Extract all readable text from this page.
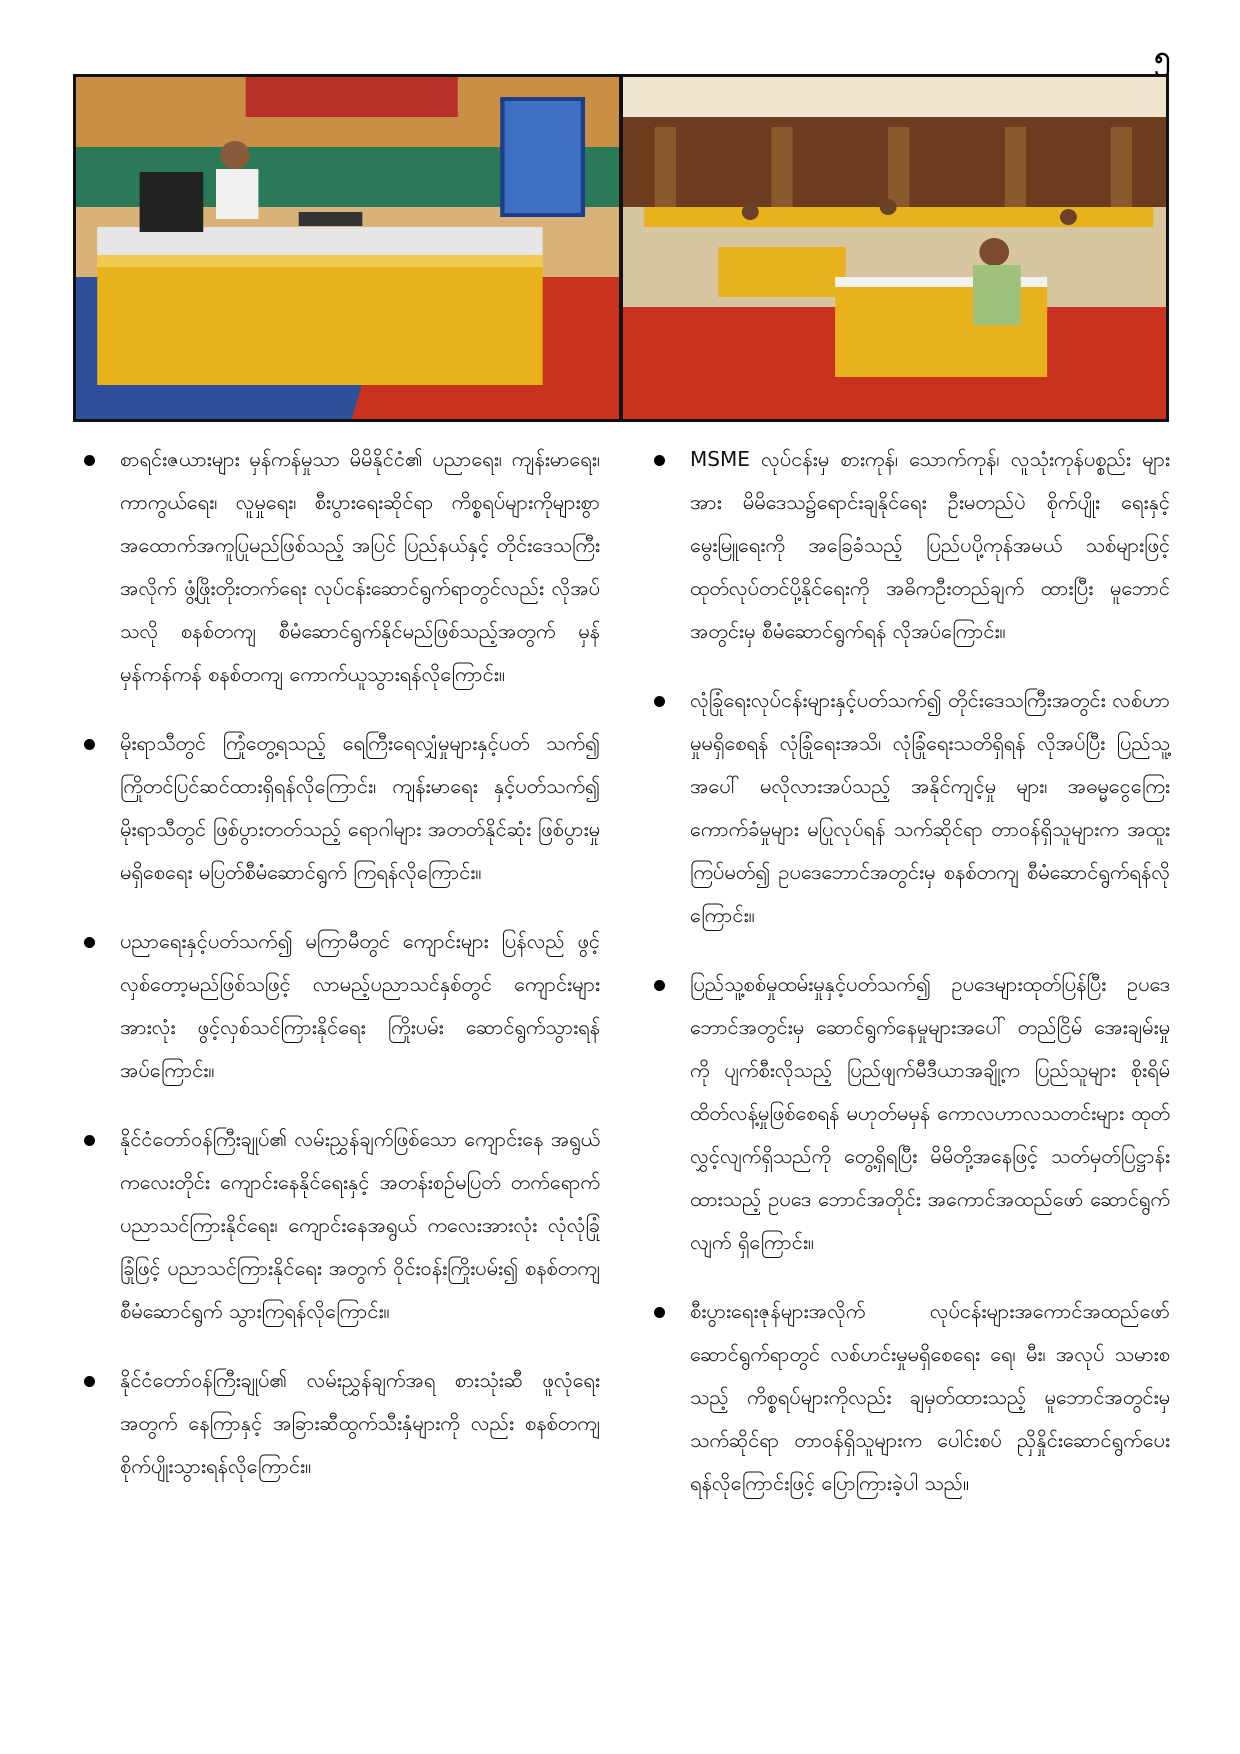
၅
စာရင်းဇယားများ မှန်ကန်မှုသာ မိမိနိုင်ငံ၏ ပညာရေး၊ ကျန်းမာရေး၊ ကာကွယ်ရေး၊ လူမှုရေး၊ စီးပွားရေးဆိုင်ရာ ကိစ္စရပ်များကိုများစွာ အထောက်အကူပြုမည်ဖြစ်သည့် အပြင် ပြည်နယ်နှင့် တိုင်းဒေသကြီးအလိုက် ဖွံ့ဖြိုးတိုးတက်ရေး လုပ်ငန်းဆောင်ရွက်ရာတွင်လည်း လိုအပ်သလို စနစ်တကျ စီမံဆောင်ရွက်နိုင်မည်ဖြစ်သည့်အတွက် မှန်မှန်ကန်ကန် စနစ်တကျ ကောက်ယူသွားရန်လိုကြောင်း။
မိုးရာသီတွင် ကြုံတွေ့ရသည့် ရေကြီးရေလျှံမှုများနှင့်ပတ် သက်၍ ကြိုတင်ပြင်ဆင်ထားရှိရန်လိုကြောင်း၊ ကျန်းမာရေး နှင့်ပတ်သက်၍ မိုးရာသီတွင် ဖြစ်ပွားတတ်သည့် ရောဂါများ အတတ်နိုင်ဆုံး ဖြစ်ပွားမှုမရှိစေရေး မပြတ်စီမံဆောင်ရွက် ကြရန်လိုကြောင်း။
ပညာရေးနှင့်ပတ်သက်၍ မကြာမီတွင် ကျောင်းများ ပြန်လည် ဖွင့်လှစ်တော့မည်ဖြစ်သဖြင့် လာမည့်ပညာသင်နှစ်တွင် ကျောင်းများအားလုံး ဖွင့်လှစ်သင်ကြားနိုင်ရေး ကြိုးပမ်း ဆောင်ရွက်သွားရန်အပ်ကြောင်း။
နိုင်ငံတော်ဝန်ကြီးချုပ်၏ လမ်းညွှန်ချက်ဖြစ်သော ကျောင်းနေ အရွယ်ကလေးတိုင်း ကျောင်းနေနိုင်ရေးနှင့် အတန်းစဉ်မပြတ် တက်ရောက်ပညာသင်ကြားနိုင်ရေး၊ ကျောင်းနေအရွယ် ကလေးအားလုံး လုံလုံခြုံခြုံဖြင့် ပညာသင်ကြားနိုင်ရေး အတွက် ဝိုင်းဝန်းကြိုးပမ်း၍ စနစ်တကျ စီမံဆောင်ရွက် သွားကြရန်လိုကြောင်း။
နိုင်ငံတော်ဝန်ကြီးချုပ်၏ လမ်းညွှန်ချက်အရ စားသုံးဆီ ဖူလုံရေးအတွက် နေကြာနှင့် အခြားဆီထွက်သီးနှံများကို လည်း စနစ်တကျ စိုက်ပျိုးသွားရန်လိုကြောင်း။
MSME လုပ်ငန်းမှ စားကုန်၊ သောက်ကုန်၊ လူသုံးကုန်ပစ္စည်း များအား မိမိဒေသ၌ရောင်းချနိုင်ရေး ဦးမတည်ပဲ စိုက်ပျိုး ရေးနှင့် မွေးမြူရေးကို အခြေခံသည့် ပြည်ပပို့ကုန်အမယ် သစ်များဖြင့် ထုတ်လုပ်တင်ပို့နိုင်ရေးကို အဓိကဦးတည်ချက် ထားပြီး မူဘောင်အတွင်းမှ စီမံဆောင်ရွက်ရန် လိုအပ်ကြောင်း။
လုံခြုံရေးလုပ်ငန်းများနှင့်ပတ်သက်၍ တိုင်းဒေသကြီးအတွင်း လစ်ဟာမှုမရှိစေရန် လုံခြုံရေးအသိ၊ လုံခြုံရေးသတိရှိရန် လိုအပ်ပြီး ပြည်သူ့အပေါ် မလိုလားအပ်သည့် အနိုင်ကျင့်မှု များ၊ အဓမ္မငွေကြေးကောက်ခံမှုများ မပြုလုပ်ရန် သက်ဆိုင်ရာ တာဝန်ရှိသူများက အထူးကြပ်မတ်၍ ဥပဒေဘောင်အတွင်းမှ စနစ်တကျ စီမံဆောင်ရွက်ရန်လိုကြောင်း။
ပြည်သူ့စစ်မှုထမ်းမှုနှင့်ပတ်သက်၍ ဥပဒေများထုတ်ပြန်ပြီး ဥပဒေဘောင်အတွင်းမှ ဆောင်ရွက်နေမှုများအပေါ် တည်ငြိမ် အေးချမ်းမှုကို ပျက်စီးလိုသည့် ပြည်ဖျက်မီဒီယာအချို့က ပြည်သူများ စိုးရိမ်ထိတ်လန့်မှုဖြစ်စေရန် မဟုတ်မမှန် ကောလဟာလသတင်းများ ထုတ်လွှင့်လျက်ရှိသည်ကို တွေ့ရှိရပြီး မိမိတို့အနေဖြင့် သတ်မှတ်ပြဋ္ဌာန်းထားသည့် ဥပဒေ ဘောင်အတိုင်း အကောင်အထည်ဖော် ဆောင်ရွက်လျက် ရှိကြောင်း။
စီးပွားရေးဇုန်များအလိုက် လုပ်ငန်းများအကောင်အထည်ဖော် ဆောင်ရွက်ရာတွင် လစ်ဟင်းမှုမရှိစေရေး ရေ၊ မီး၊ အလုပ် သမားစသည့် ကိစ္စရပ်များကိုလည်း ချမှတ်ထားသည့် မူဘောင်အတွင်းမှ သက်ဆိုင်ရာ တာဝန်ရှိသူများက ပေါင်းစပ် ညှိနှိုင်းဆောင်ရွက်ပေးရန်လိုကြောင်းဖြင့် ပြောကြားခဲ့ပါ သည်။
